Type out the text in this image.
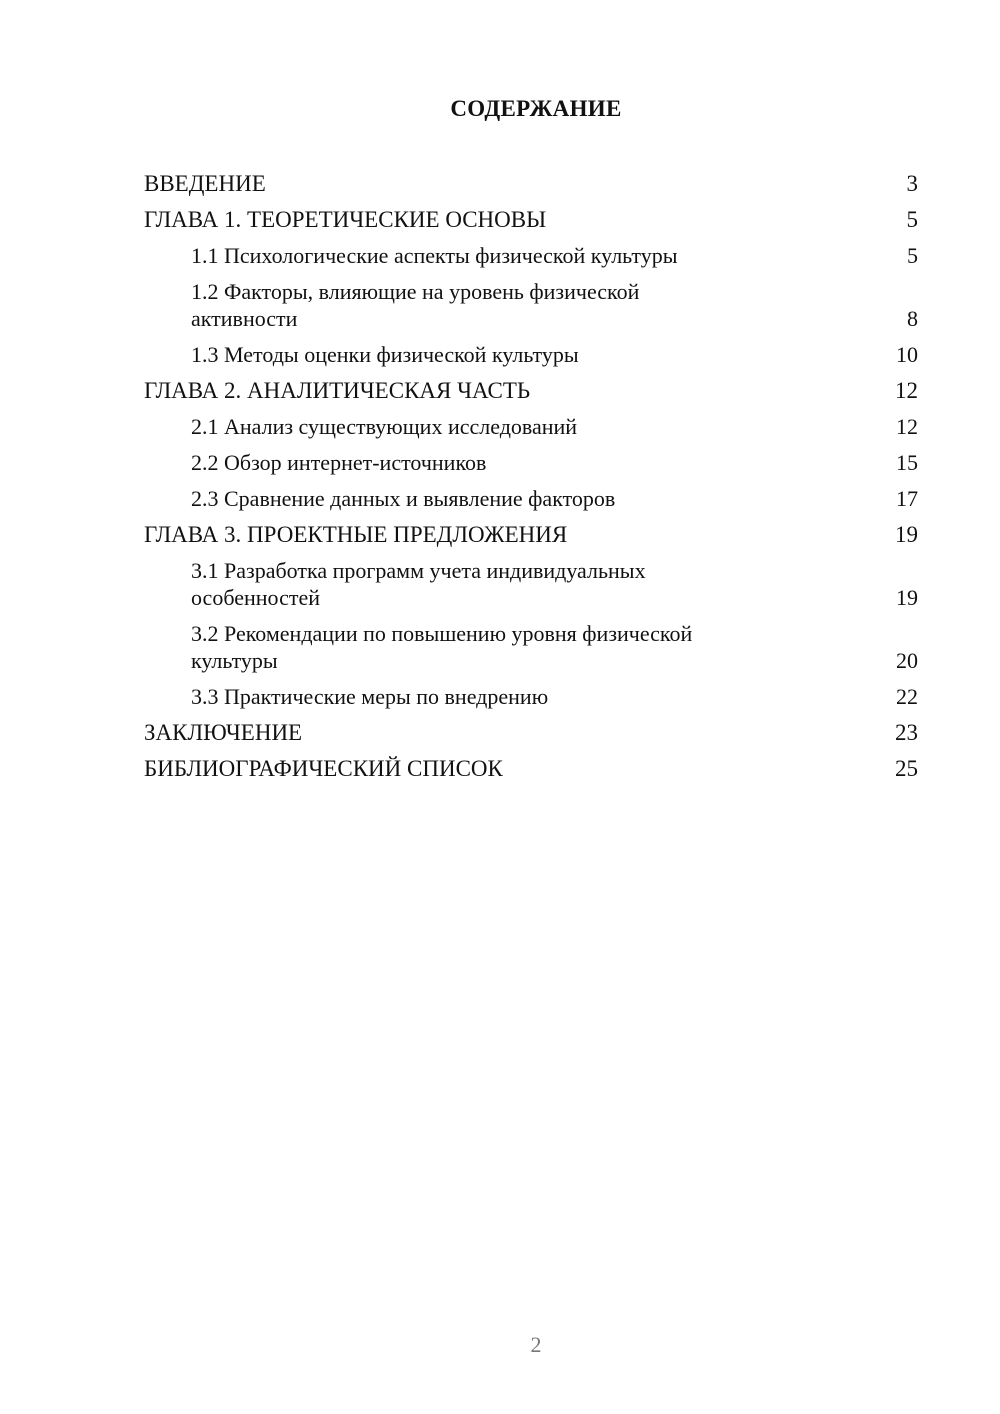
СОДЕРЖАНИЕ
ВВЕДЕНИЕ	3
ГЛАВА 1. ТЕОРЕТИЧЕСКИЕ ОСНОВЫ	5
1.1 Психологические аспекты физической культуры	5
1.2 Факторы, влияющие на уровень физической
активности	8
1.3 Методы оценки физической культуры	10
ГЛАВА 2. АНАЛИТИЧЕСКАЯ ЧАСТЬ	12
2.1 Анализ существующих исследований	12
2.2 Обзор интернет-источников	15
2.3 Сравнение данных и выявление факторов	17
ГЛАВА 3. ПРОЕКТНЫЕ ПРЕДЛОЖЕНИЯ	19
3.1 Разработка программ учета индивидуальных
особенностей	19
3.2 Рекомендации по повышению уровня физической
культуры	20
3.3 Практические меры по внедрению	22
ЗАКЛЮЧЕНИЕ	23
БИБЛИОГРАФИЧЕСКИЙ СПИСОК	25
2
